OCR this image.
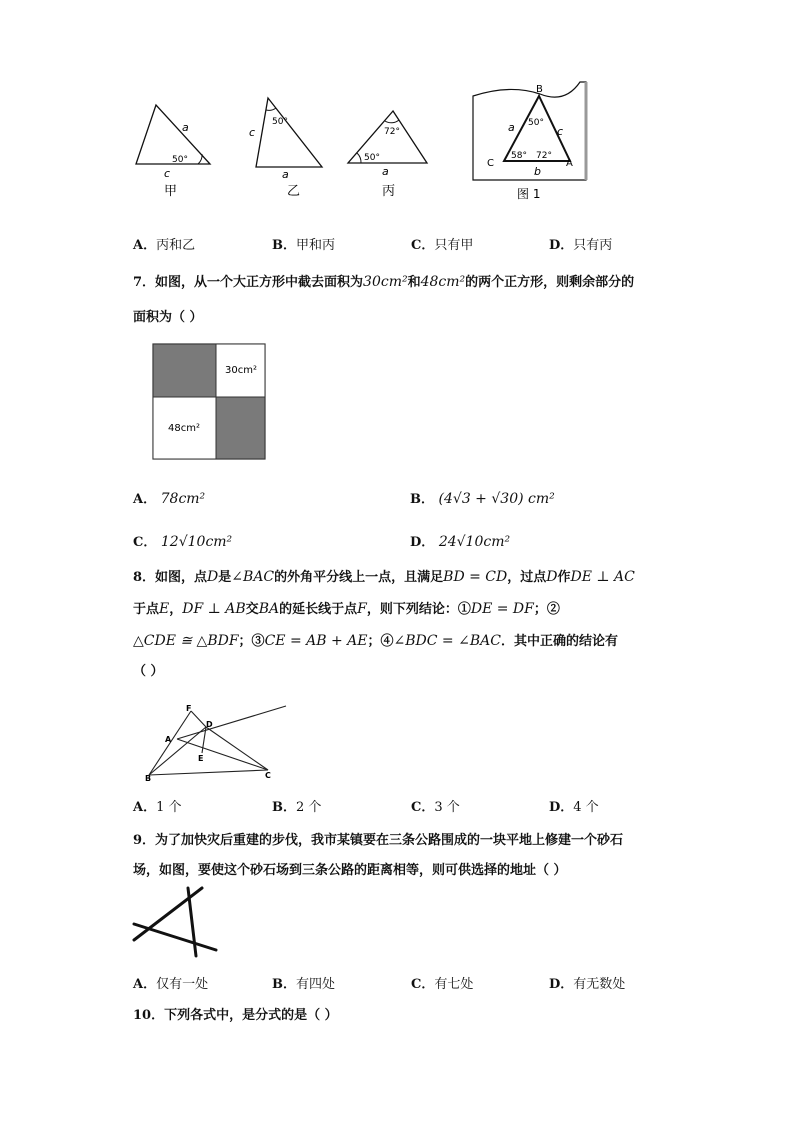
a
c
50°
甲
50°
c
a
乙
72°
50°
a
丙
B
C	A
a	c
b
50°
58° 72°
图 1
A．丙和乙	B．甲和丙	C．只有甲	D．只有丙
7．如图，从一个大正方形中截去面积为30cm²和48cm²的两个正方形，则剩余部分的
面积为（ ）
30cm²
48cm²
A． 78cm²	B． (4√3 + √30) cm²
C． 12√10cm²	D． 24√10cm²
8．如图，点D是∠BAC的外角平分线上一点，且满足BD = CD，过点D作DE ⊥ AC
于点E，DF ⊥ AB交BA的延长线于点F，则下列结论：①DE = DF；②
△CDE ≅ △BDF；③CE = AB + AE；④∠BDC = ∠BAC．其中正确的结论有
（ ）
F
D
A
E
B	C
A．1 个	B．2 个	C．3 个	D．4 个
9．为了加快灾后重建的步伐，我市某镇要在三条公路围成的一块平地上修建一个砂石
场，如图，要使这个砂石场到三条公路的距离相等，则可供选择的地址（ ）
A．仅有一处	B．有四处	C．有七处	D．有无数处
10．下列各式中，是分式的是（ ）
